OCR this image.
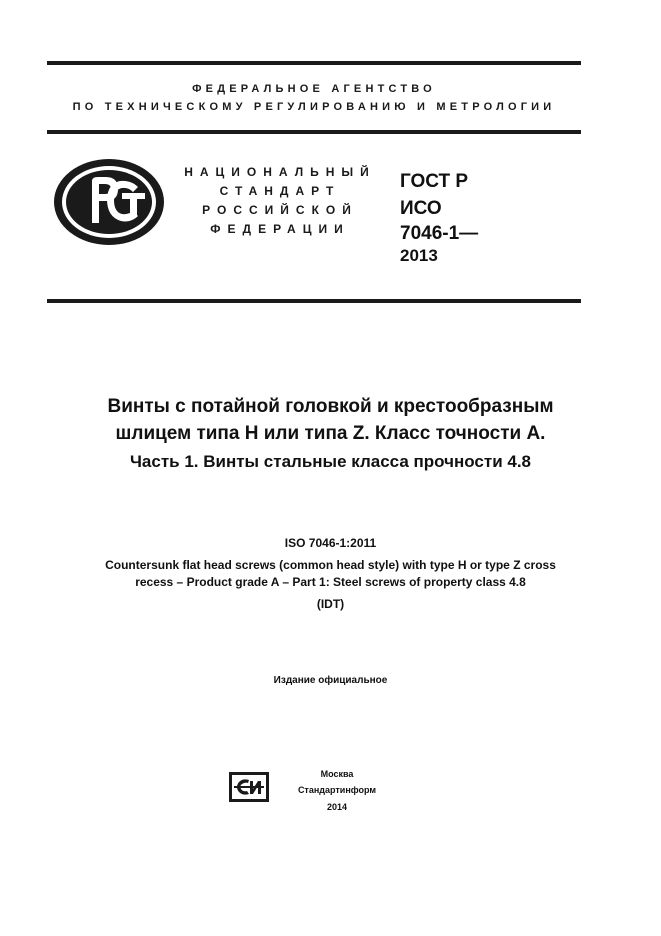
ФЕДЕРАЛЬНОЕ АГЕНТСТВО
ПО ТЕХНИЧЕСКОМУ РЕГУЛИРОВАНИЮ И МЕТРОЛОГИИ
НАЦИОНАЛЬНЫЙ
СТАНДАРТ
РОССИЙСКОЙ
ФЕДЕРАЦИИ
ГОСТ Р
ИСО
7046-1—
2013
Винты с потайной головкой и крестообразным
шлицем типа H или типа Z. Класс точности A.
Часть 1. Винты стальные класса прочности 4.8
ISO 7046-1:2011
Countersunk flat head screws (common head style) with type H or type Z cross
recess – Product grade A – Part 1: Steel screws of property class 4.8
(IDT)
Издание официальное
Москва
Стандартинформ
2014
